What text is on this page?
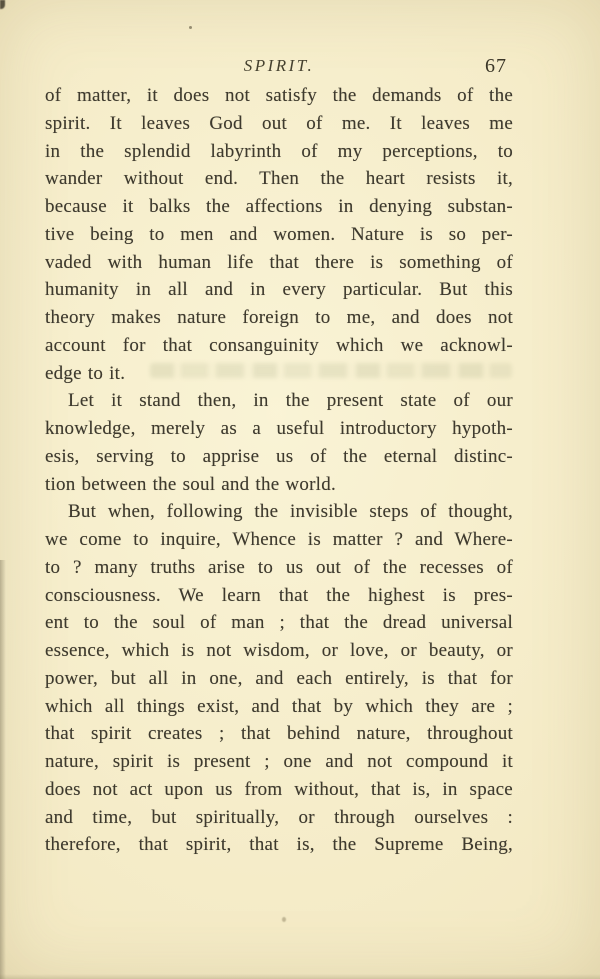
SPIRIT.	67
of matter, it does not satisfy the demands of the
spirit. It leaves God out of me. It leaves me
in the splendid labyrinth of my perceptions, to
wander without end. Then the heart resists it,
because it balks the affections in denying substan-
tive being to men and women. Nature is so per-
vaded with human life that there is something of
humanity in all and in every particular. But this
theory makes nature foreign to me, and does not
account for that consanguinity which we acknowl-
edge to it.
Let it stand then, in the present state of our
knowledge, merely as a useful introductory hypoth-
esis, serving to apprise us of the eternal distinc-
tion between the soul and the world.
But when, following the invisible steps of thought,
we come to inquire, Whence is matter ? and Where-
to ? many truths arise to us out of the recesses of
consciousness. We learn that the highest is pres-
ent to the soul of man ; that the dread universal
essence, which is not wisdom, or love, or beauty, or
power, but all in one, and each entirely, is that for
which all things exist, and that by which they are ;
that spirit creates ; that behind nature, throughout
nature, spirit is present ; one and not compound it
does not act upon us from without, that is, in space
and time, but spiritually, or through ourselves :
therefore, that spirit, that is, the Supreme Being,
